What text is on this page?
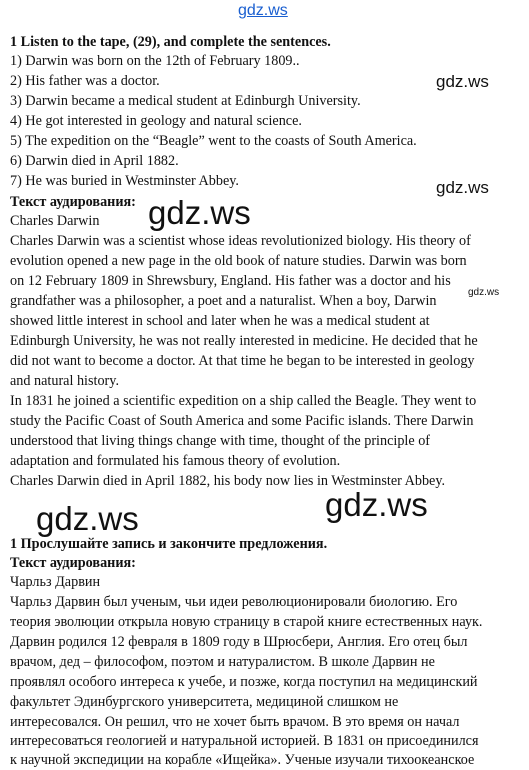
gdz.ws
gdz.ws
gdz.ws
gdz.ws
gdz.ws
gdz.ws
gdz.ws
1 Listen to the tape, (29), and complete the sentences.
1) Darwin was born on the 12th of February 1809..
2) His father was a doctor.
3) Darwin became a medical student at Edinburgh University.
4) He got interested in geology and natural science.
5) The expedition on the “Beagle” went to the coasts of South America.
6) Darwin died in April 1882.
7) He was buried in Westminster Abbey.
Текст аудирования:
Charles Darwin
Charles Darwin was a scientist whose ideas revolutionized biology. His theory of
evolution opened a new page in the old book of nature studies. Darwin was born
on 12 February 1809 in Shrewsbury, England. His father was a doctor and his
grandfather was a philosopher, a poet and a naturalist. When a boy, Darwin
showed little interest in school and later when he was a medical student at
Edinburgh University, he was not really interested in medicine. He decided that he
did not want to become a doctor. At that time he began to be interested in geology
and natural history.
In 1831 he joined a scientific expedition on a ship called the Beagle. They went to
study the Pacific Coast of South America and some Pacific islands. There Darwin
understood that living things change with time, thought of the principle of
adaptation and formulated his famous theory of evolution.
Charles Darwin died in April 1882, his body now lies in Westminster Abbey.
1 Прослушайте запись и закончите предложения.
Текст аудирования:
Чарльз Дарвин
Чарльз Дарвин был ученым, чьи идеи революционировали биологию. Его
теория эволюции открыла новую страницу в старой книге естественных наук.
Дарвин родился 12 февраля в 1809 году в Шрюсбери, Англия. Его отец был
врачом, дед – философом, поэтом и натуралистом. В школе Дарвин не
проявлял особого интереса к учебе, и позже, когда поступил на медицинский
факультет Эдинбургского университета, медициной слишком не
интересовался. Он решил, что не хочет быть врачом. В это время он начал
интересоваться геологией и натуральной историей. В 1831 он присоединился
к научной экспедиции на корабле «Ищейка». Ученые изучали тихоокеанское
